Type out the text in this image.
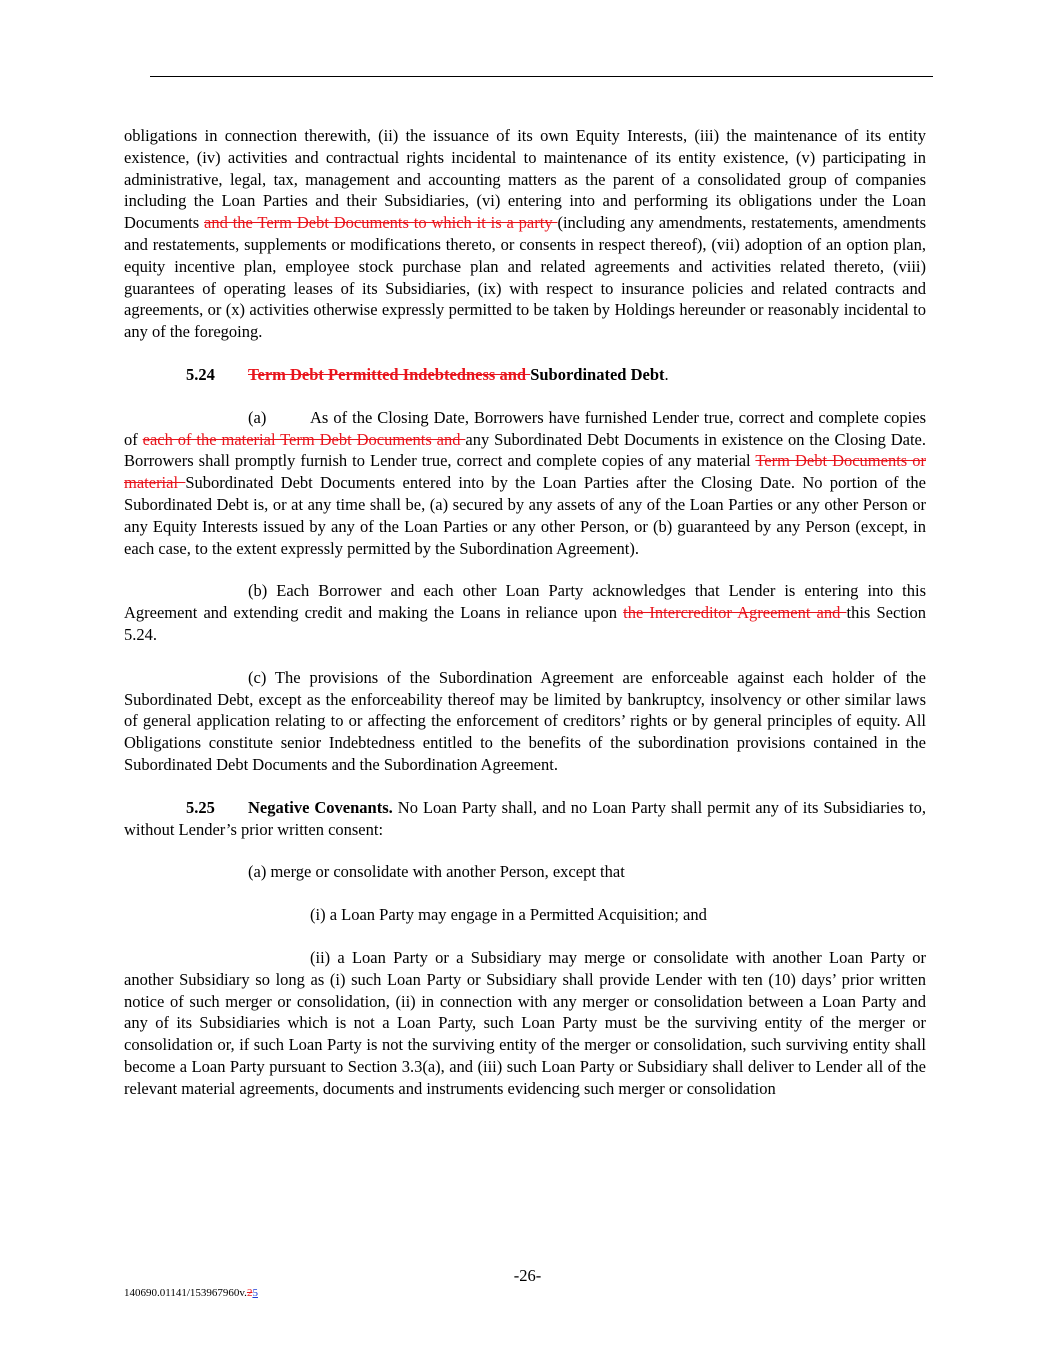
obligations in connection therewith, (ii) the issuance of its own Equity Interests, (iii) the maintenance of its entity existence, (iv) activities and contractual rights incidental to maintenance of its entity existence, (v) participating in administrative, legal, tax, management and accounting matters as the parent of a consolidated group of companies including the Loan Parties and their Subsidiaries, (vi) entering into and performing its obligations under the Loan Documents and the Term Debt Documents to which it is a party (including any amendments, restatements, amendments and restatements, supplements or modifications thereto, or consents in respect thereof), (vii) adoption of an option plan, equity incentive plan, employee stock purchase plan and related agreements and activities related thereto, (viii) guarantees of operating leases of its Subsidiaries, (ix) with respect to insurance policies and related contracts and agreements, or (x) activities otherwise expressly permitted to be taken by Holdings hereunder or reasonably incidental to any of the foregoing.

5.24 Term Debt Permitted Indebtedness and Subordinated Debt.

(a)	As of the Closing Date, Borrowers have furnished Lender true, correct and complete copies of each of the material Term Debt Documents and any Subordinated Debt Documents in existence on the Closing Date. Borrowers shall promptly furnish to Lender true, correct and complete copies of any material Term Debt Documents or material Subordinated Debt Documents entered into by the Loan Parties after the Closing Date. No portion of the Subordinated Debt is, or at any time shall be, (a) secured by any assets of any of the Loan Parties or any other Person or any Equity Interests issued by any of the Loan Parties or any other Person, or (b) guaranteed by any Person (except, in each case, to the extent expressly permitted by the Subordination Agreement).

(b) Each Borrower and each other Loan Party acknowledges that Lender is entering into this Agreement and extending credit and making the Loans in reliance upon the Intercreditor Agreement and this Section 5.24.

(c) The provisions of the Subordination Agreement are enforceable against each holder of the Subordinated Debt, except as the enforceability thereof may be limited by bankruptcy, insolvency or other similar laws of general application relating to or affecting the enforcement of creditors’ rights or by general principles of equity. All Obligations constitute senior Indebtedness entitled to the benefits of the subordination provisions contained in the Subordinated Debt Documents and the Subordination Agreement.

5.25 Negative Covenants. No Loan Party shall, and no Loan Party shall permit any of its Subsidiaries to, without Lender’s prior written consent:

(a) merge or consolidate with another Person, except that

(i) a Loan Party may engage in a Permitted Acquisition; and

(ii) a Loan Party or a Subsidiary may merge or consolidate with another Loan Party or another Subsidiary so long as (i) such Loan Party or Subsidiary shall provide Lender with ten (10) days’ prior written notice of such merger or consolidation, (ii) in connection with any merger or consolidation between a Loan Party and any of its Subsidiaries which is not a Loan Party, such Loan Party must be the surviving entity of the merger or consolidation or, if such Loan Party is not the surviving entity of the merger or consolidation, such surviving entity shall become a Loan Party pursuant to Section 3.3(a), and (iii) such Loan Party or Subsidiary shall deliver to Lender all of the relevant material agreements, documents and instruments evidencing such merger or consolidation

-26-
140690.01141/153967960v.25
